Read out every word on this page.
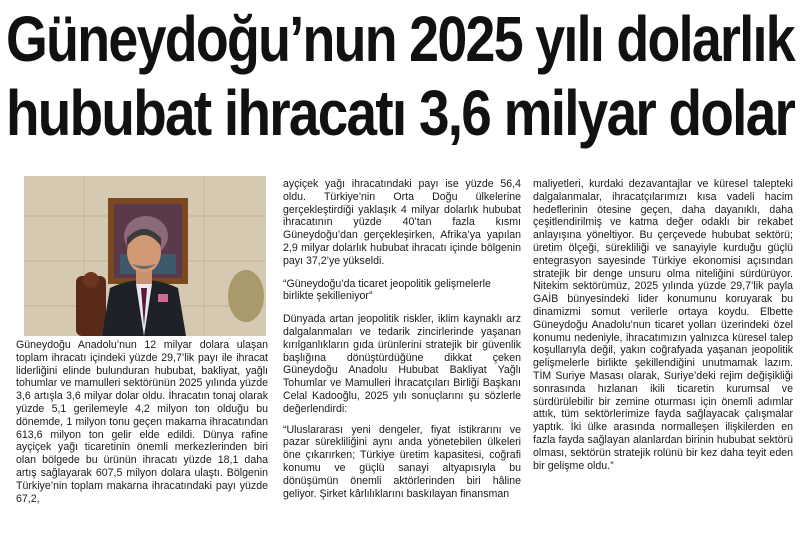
Güneydoğu’nun 2025 yılı dolarlık
hububat ihracatı 3,6 milyar dolar

Güneydoğu Anadolu’nun 12 milyar dolara ulaşan toplam ihracatı içindeki yüzde 29,7’lik payı ile ihracat liderliğini elinde bulunduran hububat, bakliyat, yağlı tohumlar ve mamulleri sektörünün 2025 yılında yüzde 3,6 artışla 3,6 milyar dolar oldu. İhracatın tonaj olarak yüzde 5,1 gerilemeyle 4,2 milyon ton olduğu bu dönemde, 1 milyon tonu geçen makarna ihracatından 613,6 milyon ton gelir elde edildi. Dünya rafine ayçiçek yağı ticaretinin önemli merkezlerinden biri olan bölgede bu ürünün ihracatı yüzde 18,1 daha artış sağlayarak 607,5 milyon dolara ulaştı. Bölgenin Türkiye’nin toplam makarna ihracatındaki payı yüzde 67,2,

ayçiçek yağı ihracatındaki payı ise yüzde 56,4 oldu. Türkiye’nin Orta Doğu ülkelerine gerçekleştirdiği yaklaşık 4 milyar dolarlık hububat ihracatının yüzde 40’tan fazla kısmı Güneydoğu’dan gerçekleşirken, Afrika’ya yapılan 2,9 milyar dolarlık hububat ihracatı içinde bölgenin payı 37,2’ye yükseldi.

“Güneydoğu’da ticaret jeopolitik gelişmelerle birlikte şekilleniyor”

Dünyada artan jeopolitik riskler, iklim kaynaklı arz dalgalanmaları ve tedarik zincirlerinde yaşanan kırılganlıkların gıda ürünlerini stratejik bir güvenlik başlığına dönüştürdüğüne dikkat çeken Güneydoğu Anadolu Hububat Bakliyat Yağlı Tohumlar ve Mamulleri İhracatçıları Birliği Başkanı Celal Kadooğlu, 2025 yılı sonuçlarını şu sözlerle değerlendirdi:

“Uluslararası yeni dengeler, fiyat istikrarını ve pazar sürekliliğini aynı anda yönetebilen ülkeleri öne çıkarırken; Türkiye üretim kapasitesi, coğrafi konumu ve güçlü sanayi altyapısıyla bu dönüşümün önemli aktörlerinden biri hâline geliyor. Şirket kârlılıklarını baskılayan finansman

maliyetleri, kurdaki dezavantajlar ve küresel talepteki dalgalanmalar, ihracatçılarımızı kısa vadeli hacim hedeflerinin ötesine geçen, daha dayanıklı, daha çeşitlendirilmiş ve katma değer odaklı bir rekabet anlayışına yöneltiyor. Bu çerçevede hububat sektörü; üretim ölçeği, sürekliliği ve sanayiyle kurduğu güçlü entegrasyon sayesinde Türkiye ekonomisi açısından stratejik bir denge unsuru olma niteliğini sürdürüyor. Nitekim sektörümüz, 2025 yılında yüzde 29,7’lik payla GAİB bünyesindeki lider konumunu koruyarak bu dinamizmi somut verilerle ortaya koydu. Elbette Güneydoğu Anadolu’nun ticaret yolları üzerindeki özel konumu nedeniyle, ihracatımızın yalnızca küresel talep koşullarıyla değil, yakın coğrafyada yaşanan jeopolitik gelişmelerle birlikte şekillendiğini unutmamak lazım. TİM Suriye Masası olarak, Suriye’deki rejim değişikliği sonrasında hızlanan ikili ticaretin kurumsal ve sürdürülebilir bir zemine oturması için önemli adımlar attık, tüm sektörlerimize fayda sağlayacak çalışmalar yaptık. İki ülke arasında normalleşen ilişkilerden en fazla fayda sağlayan alanlardan birinin hububat sektörü olması, sektörün stratejik rolünü bir kez daha teyit eden bir gelişme oldu.”
